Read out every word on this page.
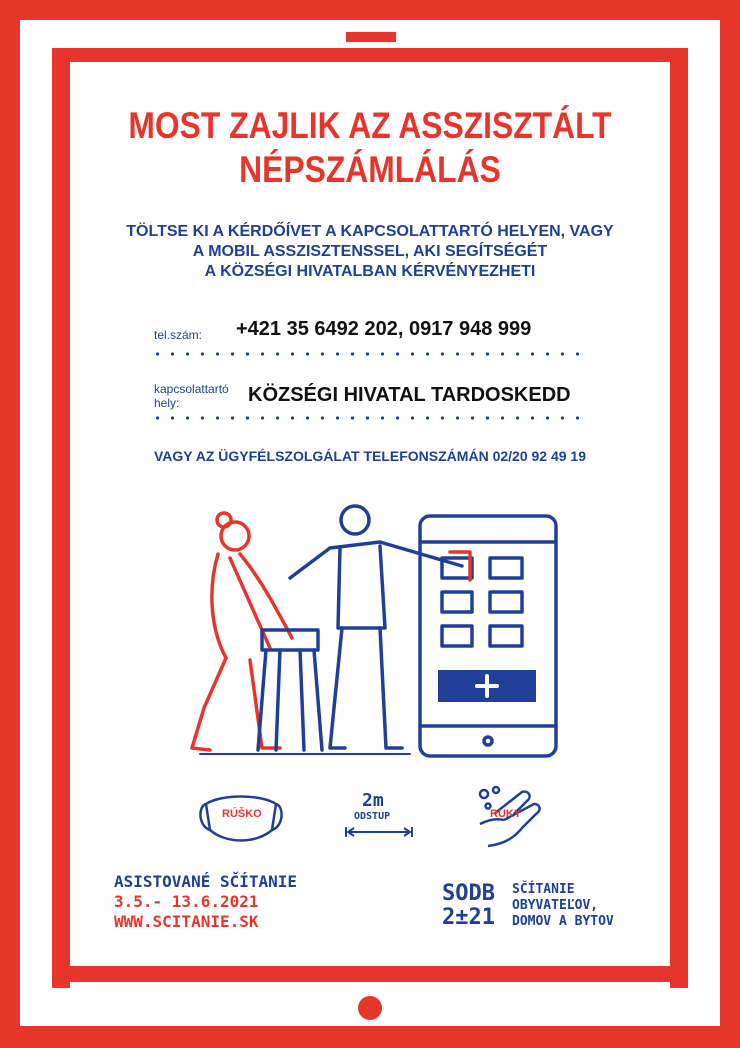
MOST ZAJLIK AZ ASSZISZTÁLT
NÉPSZÁMLÁLÁS
TÖLTSE KI A KÉRDŐÍVET A KAPCSOLATTARTÓ HELYEN, VAGY
A MOBIL ASSZISZTENSSEL, AKI SEGÍTSÉGÉT
A KÖZSÉGI HIVATALBAN KÉRVÉNYEZHETI
tel.szám: +421 35 6492 202, 0917 948 999
kapcsolattartó
hely:	KÖZSÉGI HIVATAL TARDOSKEDD
VAGY AZ ÜGYFÉLSZOLGÁLAT TELEFONSZÁMÁN 02/20 92 49 19
RÚŠKO
2m
ODSTUP	RUKY
ASISTOVANÉ SČÍTANIE
3.5.- 13.6.2021
WWW.SCITANIE.SK
SODB
2±21
SČÍTANIE
OBYVATEĽOV,
DOMOV A BYTOV
